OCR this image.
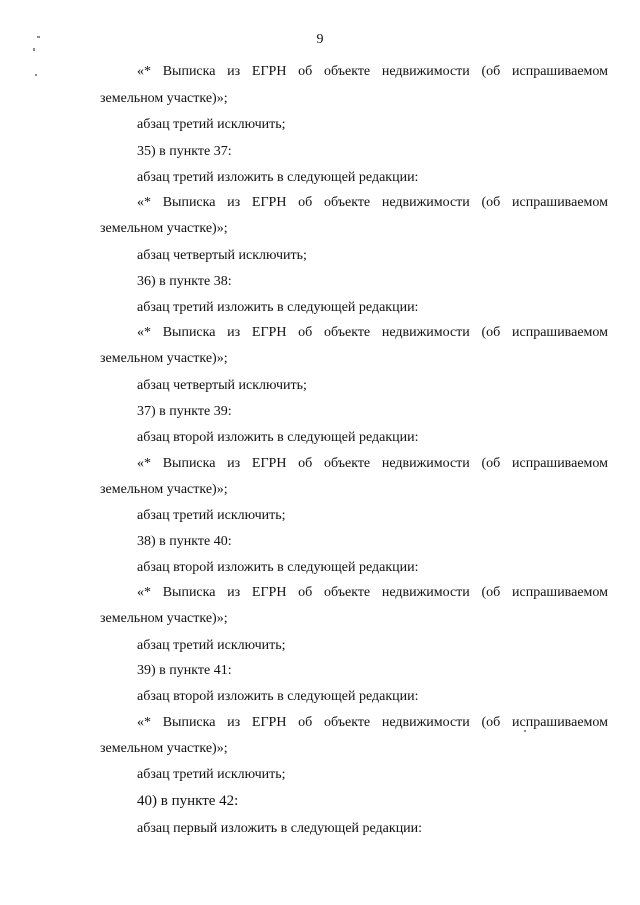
9
«* Выписка из ЕГРН об объекте недвижимости (об испрашиваемом
земельном участке)»;
абзац третий исключить;
35) в пункте 37:
абзац третий изложить в следующей редакции:
«* Выписка из ЕГРН об объекте недвижимости (об испрашиваемом
земельном участке)»;
абзац четвертый исключить;
36) в пункте 38:
абзац третий изложить в следующей редакции:
«* Выписка из ЕГРН об объекте недвижимости (об испрашиваемом
земельном участке)»;
абзац четвертый исключить;
37) в пункте 39:
абзац второй изложить в следующей редакции:
«* Выписка из ЕГРН об объекте недвижимости (об испрашиваемом
земельном участке)»;
абзац третий исключить;
38) в пункте 40:
абзац второй изложить в следующей редакции:
«* Выписка из ЕГРН об объекте недвижимости (об испрашиваемом
земельном участке)»;
абзац третий исключить;
39) в пункте 41:
абзац второй изложить в следующей редакции:
«* Выписка из ЕГРН об объекте недвижимости (об испрашиваемом
земельном участке)»;
абзац третий исключить;
40) в пункте 42:
абзац первый изложить в следующей редакции:
